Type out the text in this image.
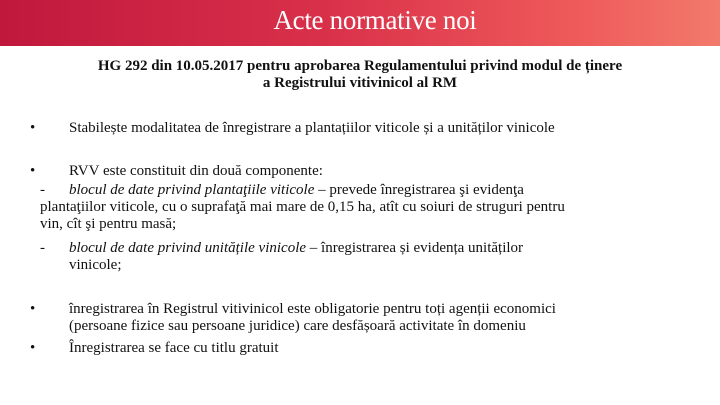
Acte normative noi
HG 292 din 10.05.2017 pentru aprobarea Regulamentului privind modul de ținere
a Registrului vitivinicol al RM
• Stabilește modalitatea de înregistrare a plantațiilor viticole și a unităților vinicole
• RVV este constituit din două componente:
- blocul de date privind plantaţiile viticole – prevede înregistrarea şi evidenţa
plantaţiilor viticole, cu o suprafaţă mai mare de 0,15 ha, atît cu soiuri de struguri pentru
vin, cît şi pentru masă;
- blocul de date privind unitățile vinicole – înregistrarea și evidența unităților
vinicole;
• înregistrarea în Registrul vitivinicol este obligatorie pentru toți agenții economici
(persoane fizice sau persoane juridice) care desfășoară activitate în domeniu
• Înregistrarea se face cu titlu gratuit
